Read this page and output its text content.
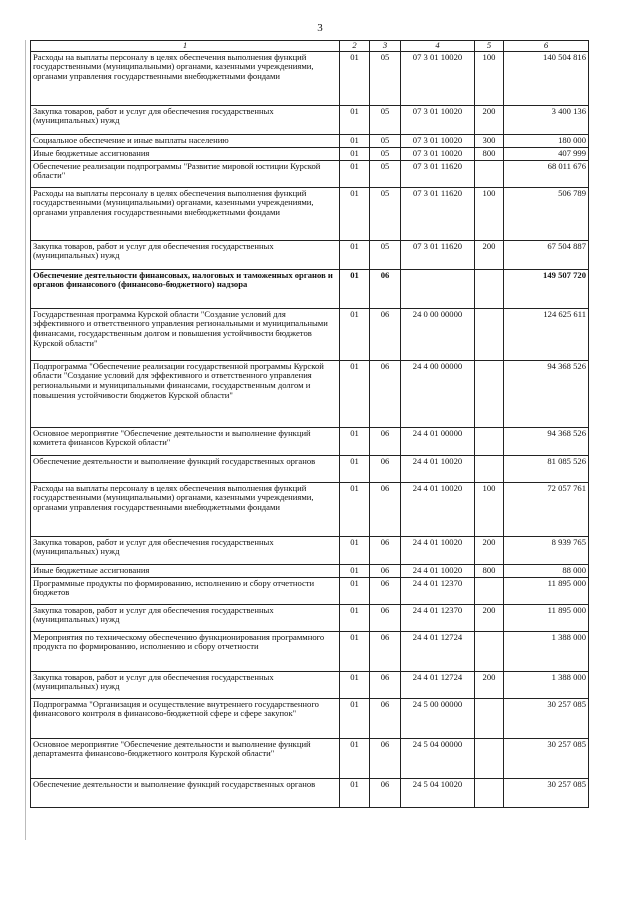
3
1	2	3	4	5	6
Расходы на выплаты персоналу в целях обеспечения выполнения функций государственными (муниципальными) органами, казенными учреждениями, органами управления государственными внебюджетными фондами	01	05	07 3 01 10020	100	140 504 816
Закупка товаров, работ и услуг для обеспечения государственных (муниципальных) нужд	01	05	07 3 01 10020	200	3 400 136
Социальное обеспечение и иные выплаты населению	01	05	07 3 01 10020	300	180 000
Иные бюджетные ассигнования	01	05	07 3 01 10020	800	407 999
Обеспечение реализации подпрограммы "Развитие мировой юстиции Курской области"	01	05	07 3 01 11620		68 011 676
Расходы на выплаты персоналу в целях обеспечения выполнения функций государственными (муниципальными) органами, казенными учреждениями, органами управления государственными внебюджетными фондами	01	05	07 3 01 11620	100	506 789
Закупка товаров, работ и услуг для обеспечения государственных (муниципальных) нужд	01	05	07 3 01 11620	200	67 504 887
Обеспечение деятельности финансовых, налоговых и таможенных органов и органов финансового (финансово-бюджетного) надзора	01	06			149 507 720
Государственная программа Курской области "Создание условий для эффективного и ответственного управления региональными и муниципальными финансами, государственным долгом и повышения устойчивости бюджетов Курской области"	01	06	24 0 00 00000		124 625 611
Подпрограмма "Обеспечение реализации государственной программы Курской области "Создание условий для эффективного и ответственного управления региональными и муниципальными финансами, государственным долгом и повышения устойчивости бюджетов Курской области"	01	06	24 4 00 00000		94 368 526
Основное мероприятие "Обеспечение деятельности и выполнение функций комитета финансов Курской области"	01	06	24 4 01 00000		94 368 526
Обеспечение деятельности и выполнение функций государственных органов	01	06	24 4 01 10020		81 085 526
Расходы на выплаты персоналу в целях обеспечения выполнения функций государственными (муниципальными) органами, казенными учреждениями, органами управления государственными внебюджетными фондами	01	06	24 4 01 10020	100	72 057 761
Закупка товаров, работ и услуг для обеспечения государственных (муниципальных) нужд	01	06	24 4 01 10020	200	8 939 765
Иные бюджетные ассигнования	01	06	24 4 01 10020	800	88 000
Программные продукты по формированию, исполнению и сбору отчетности бюджетов	01	06	24 4 01 12370		11 895 000
Закупка товаров, работ и услуг для обеспечения государственных (муниципальных) нужд	01	06	24 4 01 12370	200	11 895 000
Мероприятия по техническому обеспечению функционирования программного продукта по формированию, исполнению и сбору отчетности	01	06	24 4 01 12724		1 388 000
Закупка товаров, работ и услуг для обеспечения государственных (муниципальных) нужд	01	06	24 4 01 12724	200	1 388 000
Подпрограмма "Организация и осуществление внутреннего государственного финансового контроля в финансово-бюджетной сфере и сфере закупок"	01	06	24 5 00 00000		30 257 085
Основное мероприятие "Обеспечение деятельности и выполнение функций департамента финансово-бюджетного контроля Курской области"	01	06	24 5 04 00000		30 257 085
Обеспечение деятельности и выполнение функций государственных органов	01	06	24 5 04 10020		30 257 085
